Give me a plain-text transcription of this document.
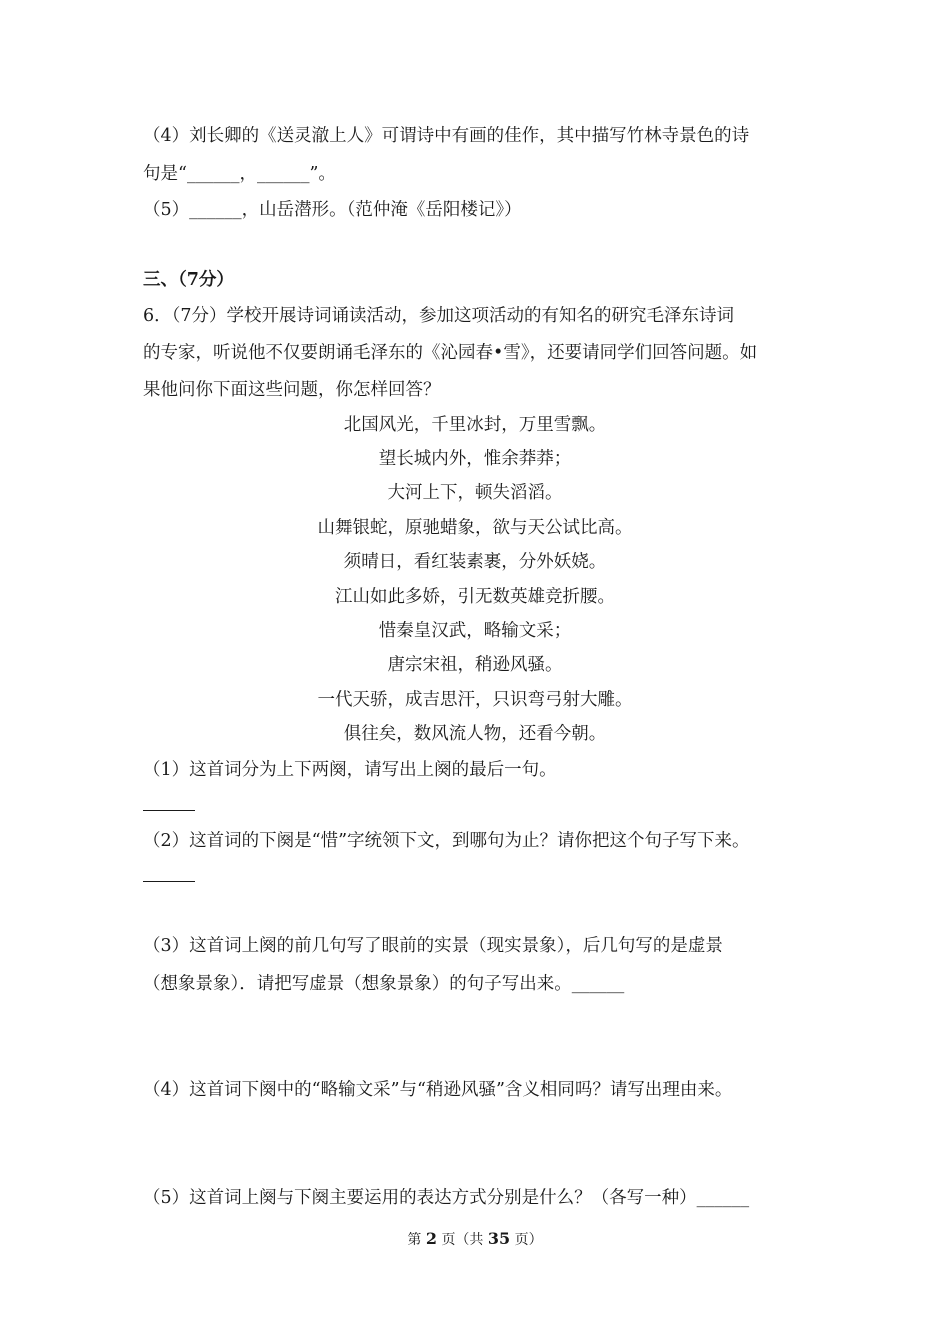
（4）刘长卿的《送灵澈上人》可谓诗中有画的佳作，其中描写竹林寺景色的诗
句是“______，______”。
（5）______，山岳潜形。（范仲淹《岳阳楼记》）
三、（7分）
6．（7分）学校开展诗词诵读活动，参加这项活动的有知名的研究毛泽东诗词
的专家，听说他不仅要朗诵毛泽东的《沁园春•雪》，还要请同学们回答问题。如
果他问你下面这些问题，你怎样回答？
北国风光，千里冰封，万里雪飘。
望长城内外，惟余莽莽；
大河上下，顿失滔滔。
山舞银蛇，原驰蜡象，欲与天公试比高。
须晴日，看红装素裹，分外妖娆。
江山如此多娇，引无数英雄竞折腰。
惜秦皇汉武，略输文采；
唐宗宋祖，稍逊风骚。
一代天骄，成吉思汗，只识弯弓射大雕。
俱往矣，数风流人物，还看今朝。
（1）这首词分为上下两阕，请写出上阕的最后一句。
（2）这首词的下阕是“惜”字统领下文，到哪句为止？请你把这个句子写下来。
（3）这首词上阕的前几句写了眼前的实景（现实景象），后几句写的是虚景
（想象景象）．请把写虚景（想象景象）的句子写出来。______
（4）这首词下阕中的“略输文采”与“稍逊风骚”含义相同吗？请写出理由来。
（5）这首词上阕与下阕主要运用的表达方式分别是什么？（各写一种）______
第 2 页（共 35 页）
